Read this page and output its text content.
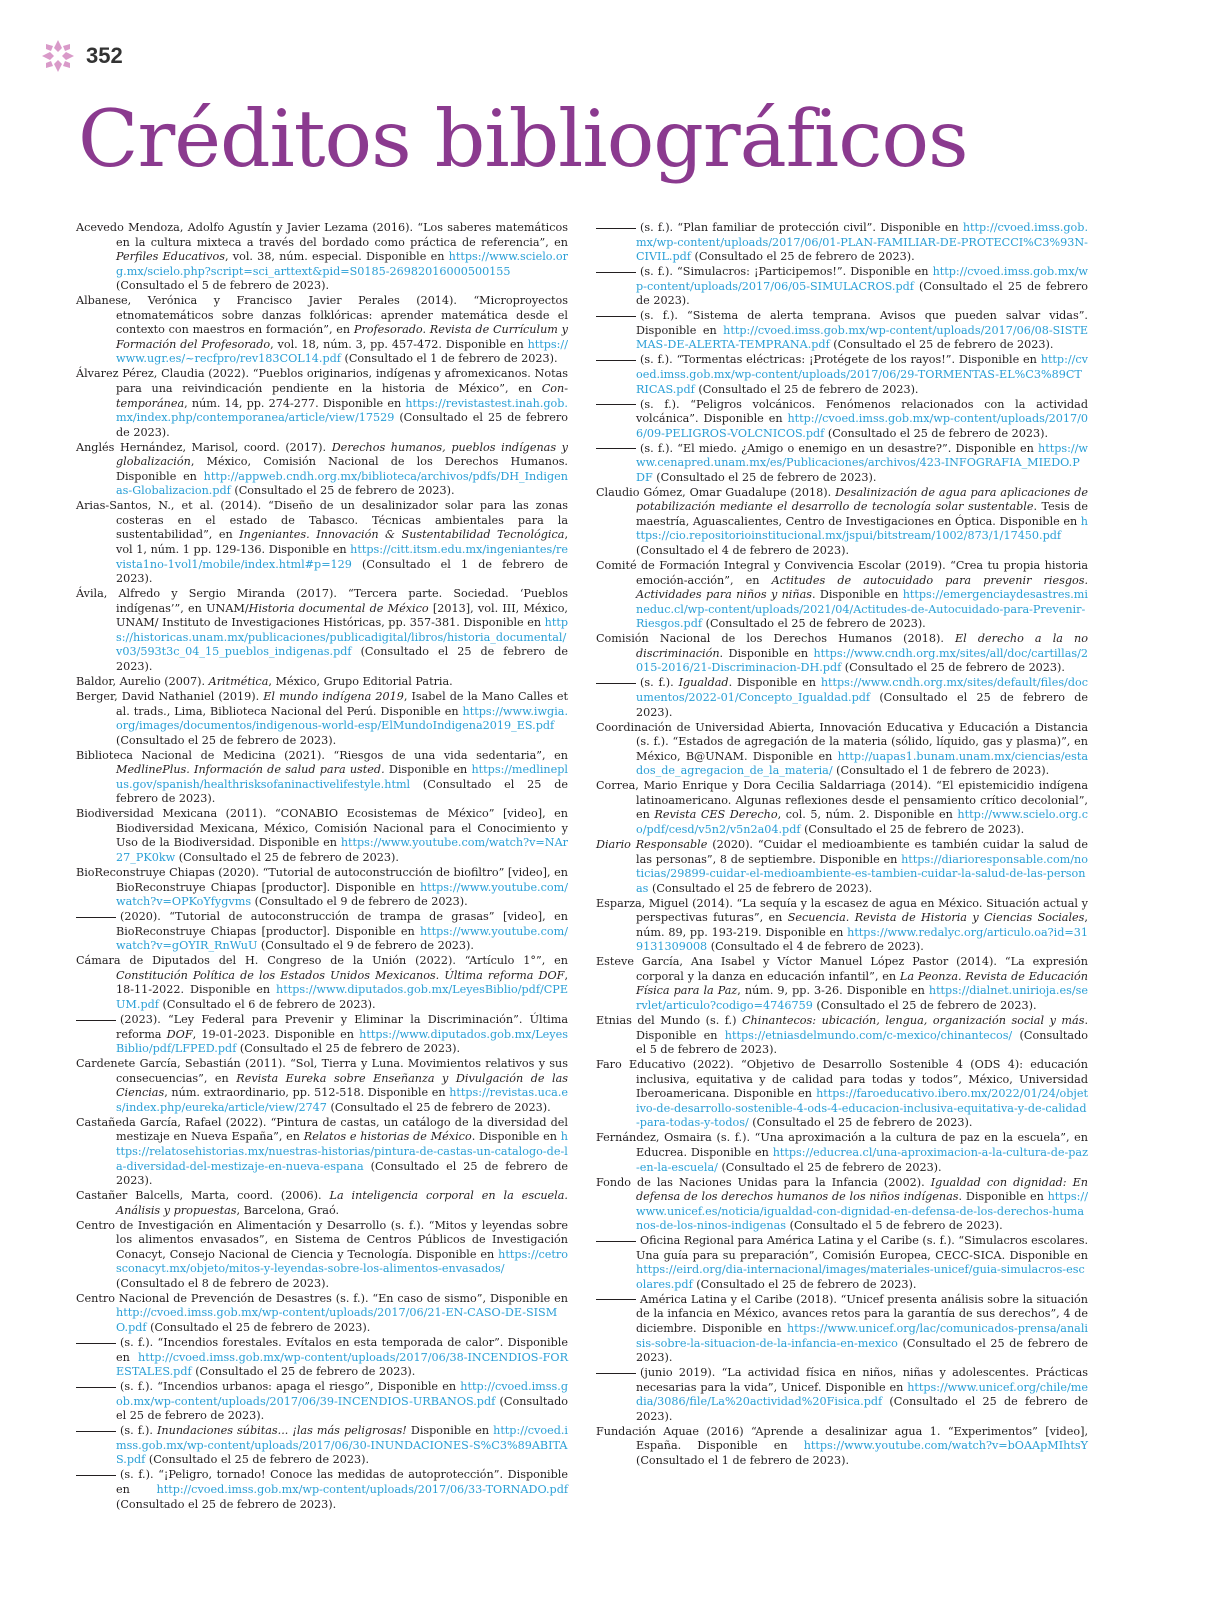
352
Créditos bibliográficos

Acevedo Mendoza, Adolfo Agustín y Javier Lezama (2016). “Los saberes matemáticos en la cultura mixteca a través del bordado como práctica de referencia”, en Perfiles Educativos, vol. 38, núm. especial. Disponible en https://www.scielo.org.mx/scielo.php?script=sci_arttext&pid=S0185-26982016000500155 (Consultado el 5 de febrero de 2023).

Albanese, Verónica y Francisco Javier Perales (2014). “Microproyectos etnomatemáticos sobre danzas folklóricas: aprender matemática desde el contexto con maestros en formación”, en Profesorado. Revista de Currículum y Formación del Profesorado, vol. 18, núm. 3, pp. 457-472. Disponible en https://www.ugr.es/~recfpro/rev183COL14.pdf (Consultado el 1 de febrero de 2023).

Álvarez Pérez, Claudia (2022). “Pueblos originarios, indígenas y afromexicanos. Notas para una reivindicación pendiente en la historia de México”, en Con-temporánea, núm. 14, pp. 274-277. Disponible en https://revistastest.inah.gob.mx/index.php/contemporanea/article/view/17529 (Consultado el 25 de febrero de 2023).

Anglés Hernández, Marisol, coord. (2017). Derechos humanos, pueblos indígenas y globalización, México, Comisión Nacional de los Derechos Humanos. Disponible en http://appweb.cndh.org.mx/biblioteca/archivos/pdfs/DH_Indigenas-Globalizacion.pdf (Consultado el 25 de febrero de 2023).

Arias-Santos, N., et al. (2014). “Diseño de un desalinizador solar para las zonas costeras en el estado de Tabasco. Técnicas ambientales para la sustentabilidad”, en Ingeniantes. Innovación & Sustentabilidad Tecnológica, vol 1, núm. 1 pp. 129-136. Disponible en https://citt.itsm.edu.mx/ingeniantes/revista1no-1vol1/mobile/index.html#p=129 (Consultado el 1 de febrero de 2023).

Ávila, Alfredo y Sergio Miranda (2017). “Tercera parte. Sociedad. ‘Pueblos indígenas’”, en UNAM/Historia documental de México [2013], vol. III, México, UNAM/ Instituto de Investigaciones Históricas, pp. 357-381. Disponible en https://historicas.unam.mx/publicaciones/publicadigital/libros/historia_documental/v03/593t3c_04_15_pueblos_indigenas.pdf (Consultado el 25 de febrero de 2023).

Baldor, Aurelio (2007). Aritmética, México, Grupo Editorial Patria.

Berger, David Nathaniel (2019). El mundo indígena 2019, Isabel de la Mano Calles et al. trads., Lima, Biblioteca Nacional del Perú. Disponible en https://www.iwgia.org/images/documentos/indigenous-world-esp/ElMundoIndigena2019_ES.pdf (Consultado el 25 de febrero de 2023).

Biblioteca Nacional de Medicina (2021). “Riesgos de una vida sedentaria”, en MedlinePlus. Información de salud para usted. Disponible en https://medlineplus.gov/spanish/healthrisksofaninactivelifestyle.html (Consultado el 25 de febrero de 2023).

Biodiversidad Mexicana (2011). “CONABIO Ecosistemas de México” [video], en Biodiversidad Mexicana, México, Comisión Nacional para el Conocimiento y Uso de la Biodiversidad. Disponible en https://www.youtube.com/watch?v=NAr27_PK0kw (Consultado el 25 de febrero de 2023).

BioReconstruye Chiapas (2020). “Tutorial de autoconstrucción de biofiltro” [video], en BioReconstruye Chiapas [productor]. Disponible en https://www.youtube.com/watch?v=OPKoYfygvms (Consultado el 9 de febrero de 2023).

(2020). “Tutorial de autoconstrucción de trampa de grasas” [video], en BioReconstruye Chiapas [productor]. Disponible en https://www.youtube.com/watch?v=gOYIR_RnWuU (Consultado el 9 de febrero de 2023).

Cámara de Diputados del H. Congreso de la Unión (2022). “Artículo 1°”, en Constitución Política de los Estados Unidos Mexicanos. Última reforma DOF, 18-11-2022. Disponible en https://www.diputados.gob.mx/LeyesBiblio/pdf/CPEUM.pdf (Consultado el 6 de febrero de 2023).

(2023). “Ley Federal para Prevenir y Eliminar la Discriminación”. Última reforma DOF, 19-01-2023. Disponible en https://www.diputados.gob.mx/LeyesBiblio/pdf/LFPED.pdf (Consultado el 25 de febrero de 2023).

Cardenete García, Sebastián (2011). “Sol, Tierra y Luna. Movimientos relativos y sus consecuencias”, en Revista Eureka sobre Enseñanza y Divulgación de las Ciencias, núm. extraordinario, pp. 512-518. Disponible en https://revistas.uca.es/index.php/eureka/article/view/2747 (Consultado el 25 de febrero de 2023).

Castañeda García, Rafael (2022). “Pintura de castas, un catálogo de la diversidad del mestizaje en Nueva España”, en Relatos e historias de México. Disponible en https://relatosehistorias.mx/nuestras-historias/pintura-de-castas-un-catalogo-de-la-diversidad-del-mestizaje-en-nueva-espana (Consultado el 25 de febrero de 2023).

Castañer Balcells, Marta, coord. (2006). La inteligencia corporal en la escuela. Análisis y propuestas, Barcelona, Graó.

Centro de Investigación en Alimentación y Desarrollo (s. f.). “Mitos y leyendas sobre los alimentos envasados”, en Sistema de Centros Públicos de Investigación Conacyt, Consejo Nacional de Ciencia y Tecnología. Disponible en https://cetrosconacyt.mx/objeto/mitos-y-leyendas-sobre-los-alimentos-envasados/ (Consultado el 8 de febrero de 2023).

Centro Nacional de Prevención de Desastres (s. f.). “En caso de sismo”, Disponible en http://cvoed.imss.gob.mx/wp-content/uploads/2017/06/21-EN-CASO-DE-SISMO.pdf (Consultado el 25 de febrero de 2023).

(s. f.). “Incendios forestales. Evítalos en esta temporada de calor”. Disponible en http://cvoed.imss.gob.mx/wp-content/uploads/2017/06/38-INCENDIOS-FORESTALES.pdf (Consultado el 25 de febrero de 2023).

(s. f.). “Incendios urbanos: apaga el riesgo”, Disponible en http://cvoed.imss.gob.mx/wp-content/uploads/2017/06/39-INCENDIOS-URBANOS.pdf (Consultado el 25 de febrero de 2023).

(s. f.). Inundaciones súbitas... ¡las más peligrosas! Disponible en http://cvoed.imss.gob.mx/wp-content/uploads/2017/06/30-INUNDACIONES-S%C3%89ABITAS.pdf (Consultado el 25 de febrero de 2023).

(s. f.). “¡Peligro, tornado! Conoce las medidas de autoprotección”. Disponible en http://cvoed.imss.gob.mx/wp-content/uploads/2017/06/33-TORNADO.pdf (Consultado el 25 de febrero de 2023).

(s. f.). “Plan familiar de protección civil”. Disponible en http://cvoed.imss.gob.mx/wp-content/uploads/2017/06/01-PLAN-FAMILIAR-DE-PROTECCI%C3%93N-CIVIL.pdf (Consultado el 25 de febrero de 2023).

(s. f.). “Simulacros: ¡Participemos!”. Disponible en http://cvoed.imss.gob.mx/wp-content/uploads/2017/06/05-SIMULACROS.pdf (Consultado el 25 de febrero de 2023).

(s. f.). “Sistema de alerta temprana. Avisos que pueden salvar vidas”. Disponible en http://cvoed.imss.gob.mx/wp-content/uploads/2017/06/08-SISTEMAS-DE-ALERTA-TEMPRANA.pdf (Consultado el 25 de febrero de 2023).

(s. f.). “Tormentas eléctricas: ¡Protégete de los rayos!”. Disponible en http://cvoed.imss.gob.mx/wp-content/uploads/2017/06/29-TORMENTAS-EL%C3%89CTRICAS.pdf (Consultado el 25 de febrero de 2023).

(s. f.). “Peligros volcánicos. Fenómenos relacionados con la actividad volcánica”. Disponible en http://cvoed.imss.gob.mx/wp-content/uploads/2017/06/09-PELIGROS-VOLCNICOS.pdf (Consultado el 25 de febrero de 2023).

(s. f.). “El miedo. ¿Amigo o enemigo en un desastre?”. Disponible en https://www.cenapred.unam.mx/es/Publicaciones/archivos/423-INFOGRAFIA_MIEDO.PDF (Consultado el 25 de febrero de 2023).

Claudio Gómez, Omar Guadalupe (2018). Desalinización de agua para aplicaciones de potabilización mediante el desarrollo de tecnología solar sustentable. Tesis de maestría, Aguascalientes, Centro de Investigaciones en Óptica. Disponible en https://cio.repositorioinstitucional.mx/jspui/bitstream/1002/873/1/17450.pdf (Consultado el 4 de febrero de 2023).

Comité de Formación Integral y Convivencia Escolar (2019). “Crea tu propia historia emoción-acción”, en Actitudes de autocuidado para prevenir riesgos. Actividades para niños y niñas. Disponible en https://emergenciaydesastres.mineduc.cl/wp-content/uploads/2021/04/Actitudes-de-Autocuidado-para-Prevenir-Riesgos.pdf (Consultado el 25 de febrero de 2023).

Comisión Nacional de los Derechos Humanos (2018). El derecho a la no discriminación. Disponible en https://www.cndh.org.mx/sites/all/doc/cartillas/2015-2016/21-Discriminacion-DH.pdf (Consultado el 25 de febrero de 2023).

(s. f.). Igualdad. Disponible en https://www.cndh.org.mx/sites/default/files/documentos/2022-01/Concepto_Igualdad.pdf (Consultado el 25 de febrero de 2023).

Coordinación de Universidad Abierta, Innovación Educativa y Educación a Distancia (s. f.). “Estados de agregación de la materia (sólido, líquido, gas y plasma)”, en México, B@UNAM. Disponible en http://uapas1.bunam.unam.mx/ciencias/estados_de_agregacion_de_la_materia/ (Consultado el 1 de febrero de 2023).

Correa, Mario Enrique y Dora Cecilia Saldarriaga (2014). “El epistemicidio indígena latinoamericano. Algunas reflexiones desde el pensamiento crítico decolonial”, en Revista CES Derecho, col. 5, núm. 2. Disponible en http://www.scielo.org.co/pdf/cesd/v5n2/v5n2a04.pdf (Consultado el 25 de febrero de 2023).

Diario Responsable (2020). “Cuidar el medioambiente es también cuidar la salud de las personas”, 8 de septiembre. Disponible en https://diarioresponsable.com/noticias/29899-cuidar-el-medioambiente-es-tambien-cuidar-la-salud-de-las-personas (Consultado el 25 de febrero de 2023).

Esparza, Miguel (2014). “La sequía y la escasez de agua en México. Situación actual y perspectivas futuras”, en Secuencia. Revista de Historia y Ciencias Sociales, núm. 89, pp. 193-219. Disponible en https://www.redalyc.org/articulo.oa?id=319131309008 (Consultado el 4 de febrero de 2023).

Esteve García, Ana Isabel y Víctor Manuel López Pastor (2014). “La expresión corporal y la danza en educación infantil”, en La Peonza. Revista de Educación Física para la Paz, núm. 9, pp. 3-26. Disponible en https://dialnet.unirioja.es/servlet/articulo?codigo=4746759 (Consultado el 25 de febrero de 2023).

Etnias del Mundo (s. f.) Chinantecos: ubicación, lengua, organización social y más. Disponible en https://etniasdelmundo.com/c-mexico/chinantecos/ (Consultado el 5 de febrero de 2023).

Faro Educativo (2022). “Objetivo de Desarrollo Sostenible 4 (ODS 4): educación inclusiva, equitativa y de calidad para todas y todos”, México, Universidad Iberoamericana. Disponible en https://faroeducativo.ibero.mx/2022/01/24/objetivo-de-desarrollo-sostenible-4-ods-4-educacion-inclusiva-equitativa-y-de-calidad-para-todas-y-todos/ (Consultado el 25 de febrero de 2023).

Fernández, Osmaira (s. f.). “Una aproximación a la cultura de paz en la escuela”, en Educrea. Disponible en https://educrea.cl/una-aproximacion-a-la-cultura-de-paz-en-la-escuela/ (Consultado el 25 de febrero de 2023).

Fondo de las Naciones Unidas para la Infancia (2002). Igualdad con dignidad: En defensa de los derechos humanos de los niños indígenas. Disponible en https://www.unicef.es/noticia/igualdad-con-dignidad-en-defensa-de-los-derechos-humanos-de-los-ninos-indigenas (Consultado el 5 de febrero de 2023).

Oficina Regional para América Latina y el Caribe (s. f.). “Simulacros escolares. Una guía para su preparación”, Comisión Europea, CECC-SICA. Disponible en https://eird.org/dia-internacional/images/materiales-unicef/guia-simulacros-escolares.pdf (Consultado el 25 de febrero de 2023).

América Latina y el Caribe (2018). “Unicef presenta análisis sobre la situación de la infancia en México, avances retos para la garantía de sus derechos”, 4 de diciembre. Disponible en https://www.unicef.org/lac/comunicados-prensa/analisis-sobre-la-situacion-de-la-infancia-en-mexico (Consultado el 25 de febrero de 2023).

(junio 2019). “La actividad física en niños, niñas y adolescentes. Prácticas necesarias para la vida”, Unicef. Disponible en https://www.unicef.org/chile/media/3086/file/La%20actividad%20Fisica.pdf (Consultado el 25 de febrero de 2023).

Fundación Aquae (2016) “Aprende a desalinizar agua 1. “Experimentos” [video], España. Disponible en https://www.youtube.com/watch?v=bOAApMIhtsY (Consultado el 1 de febrero de 2023).
